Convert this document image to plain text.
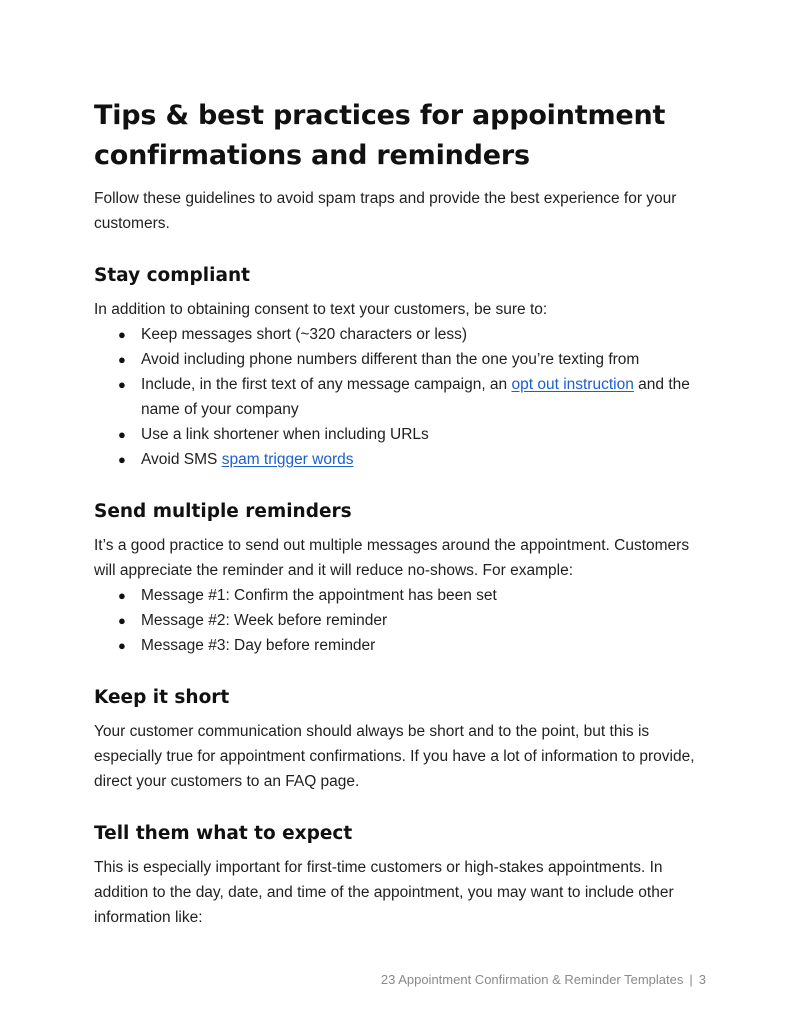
Tips & best practices for appointment confirmations and reminders

Follow these guidelines to avoid spam traps and provide the best experience for your customers.

Stay compliant

In addition to obtaining consent to text your customers, be sure to:

● Keep messages short (~320 characters or less)
● Avoid including phone numbers different than the one you’re texting from
● Include, in the first text of any message campaign, an opt out instruction and the name of your company
● Use a link shortener when including URLs
● Avoid SMS spam trigger words
Send multiple reminders

It’s a good practice to send out multiple messages around the appointment. Customers will appreciate the reminder and it will reduce no-shows. For example:

● Message #1: Confirm the appointment has been set
● Message #2: Week before reminder
● Message #3: Day before reminder
Keep it short

Your customer communication should always be short and to the point, but this is especially true for appointment confirmations. If you have a lot of information to provide, direct your customers to an FAQ page.

Tell them what to expect

This is especially important for first-time customers or high-stakes appointments. In addition to the day, date, and time of the appointment, you may want to include other information like:

23 Appointment Confirmation & Reminder Templates | 3
